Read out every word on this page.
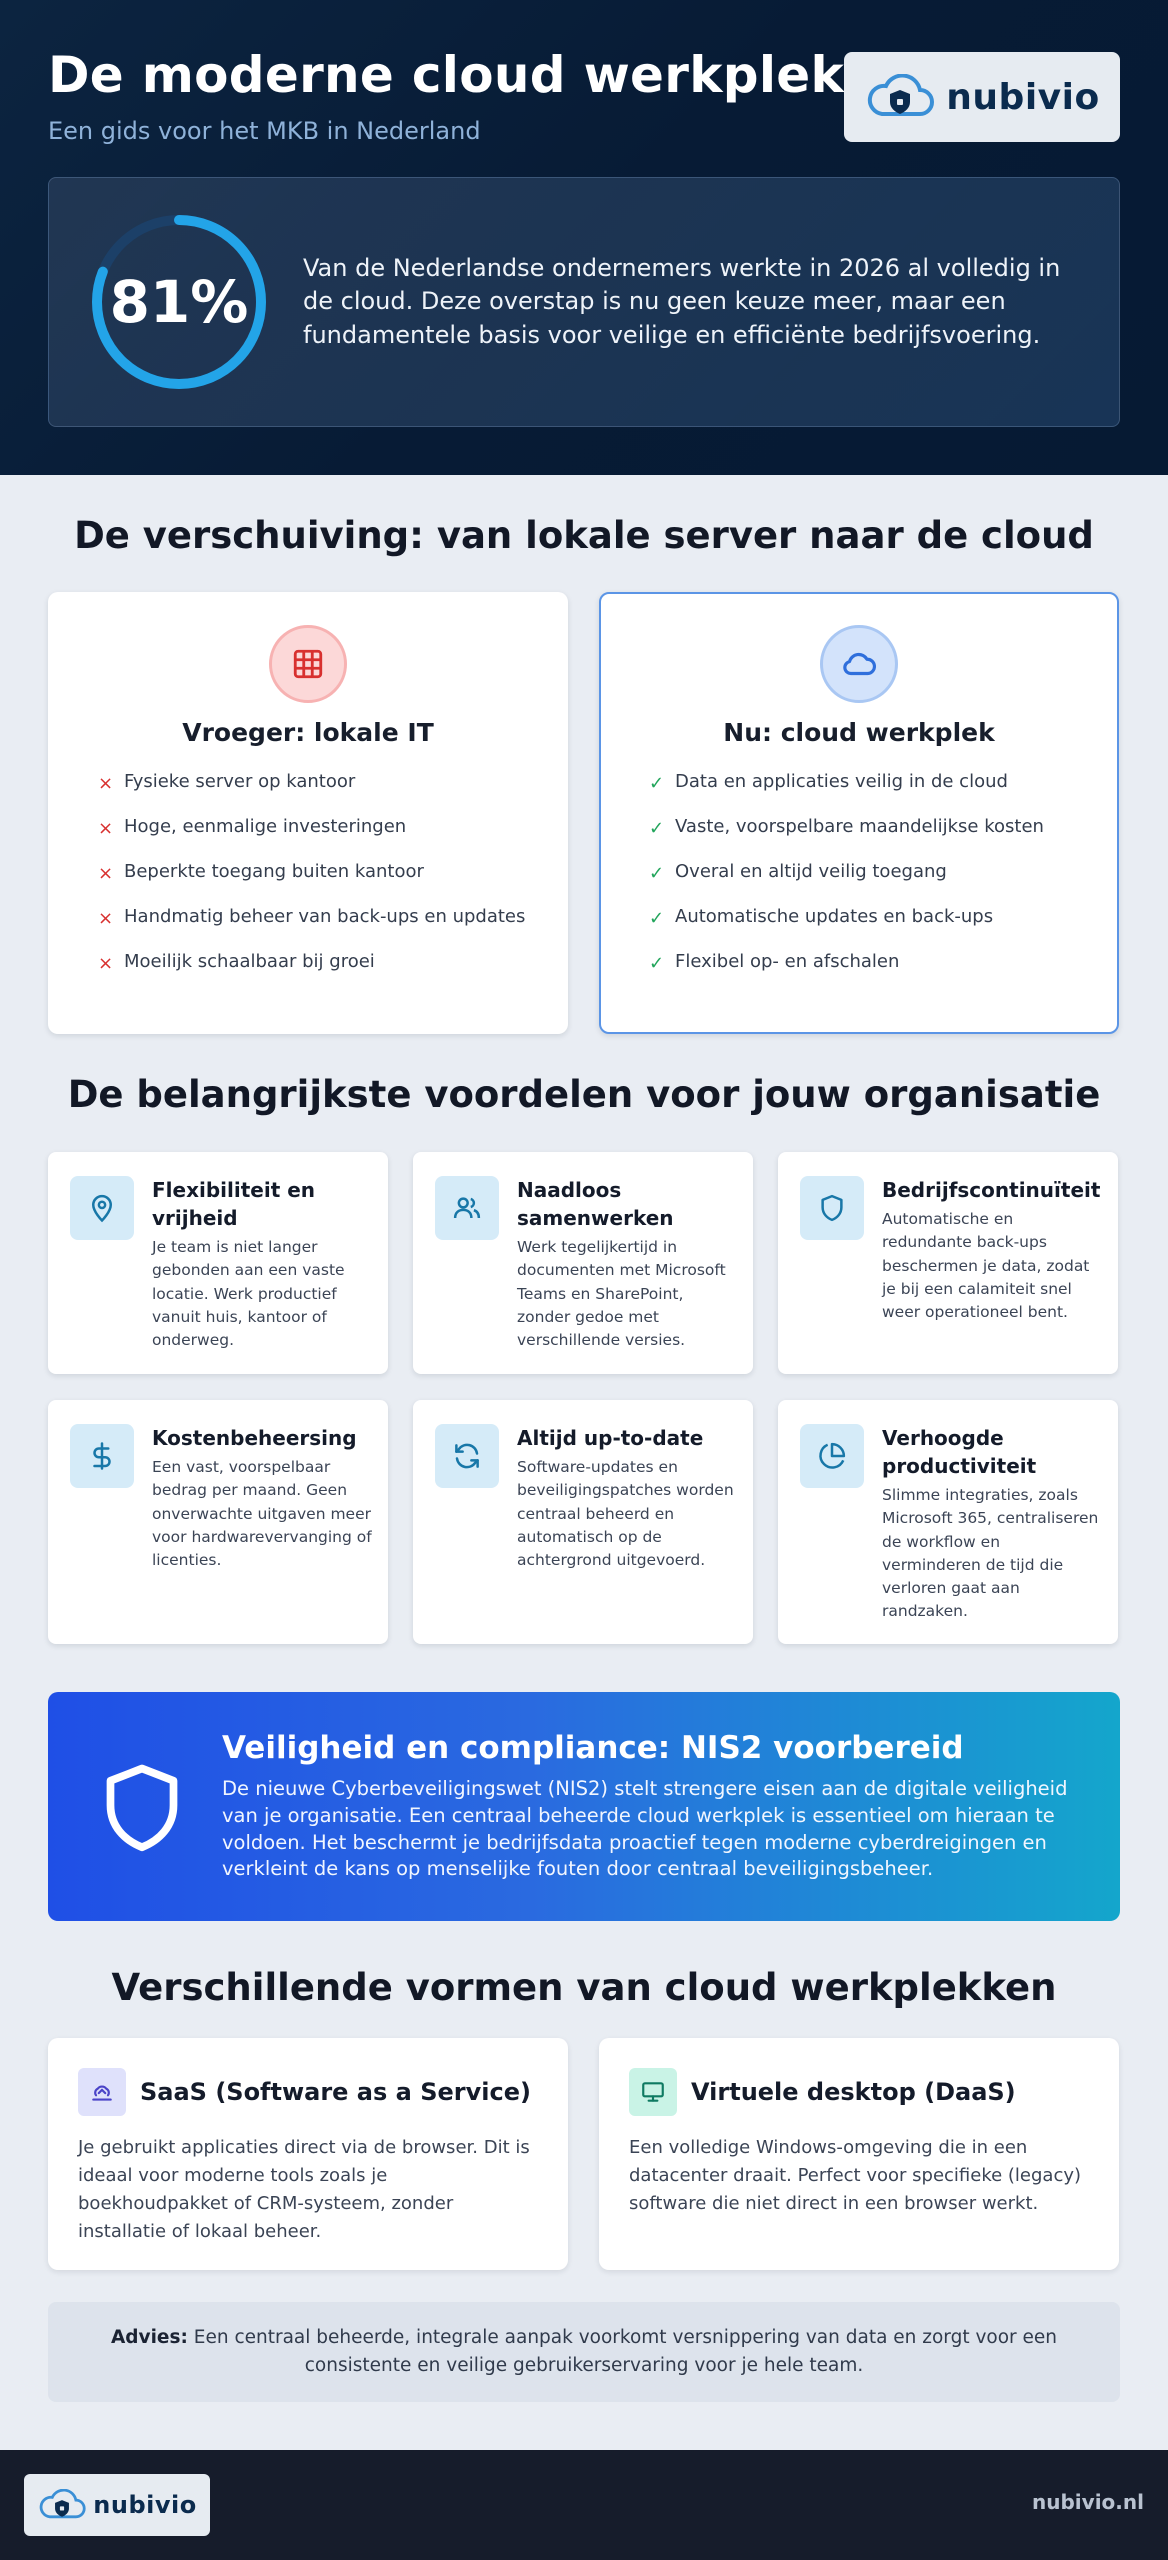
De moderne cloud werkplek
Een gids voor het MKB in Nederland
nubivio
81%	Van de Nederlandse ondernemers werkte in 2026 al volledig in de cloud. Deze overstap is nu geen keuze meer, maar een fundamentele basis voor veilige en efficiënte bedrijfsvoering.

De verschuiving: van lokale server naar de cloud
Vroeger: lokale IT
× Fysieke server op kantoor
× Hoge, eenmalige investeringen
× Beperkte toegang buiten kantoor
× Handmatig beheer van back-ups en updates
× Moeilijk schaalbaar bij groei
Nu: cloud werkplek
✓ Data en applicaties veilig in de cloud
✓ Vaste, voorspelbare maandelijkse kosten
✓ Overal en altijd veilig toegang
✓ Automatische updates en back-ups
✓ Flexibel op- en afschalen
De belangrijkste voordelen voor jouw organisatie
Flexibiliteit en vrijheid
Je team is niet langer gebonden aan een vaste locatie. Werk productief vanuit huis, kantoor of onderweg.
Naadloos samenwerken
Werk tegelijkertijd in documenten met Microsoft Teams en SharePoint, zonder gedoe met verschillende versies.
Bedrijfscontinuïteit
Automatische en redundante back-ups beschermen je data, zodat je bij een calamiteit snel weer operationeel bent.
Kostenbeheersing
Een vast, voorspelbaar bedrag per maand. Geen onverwachte uitgaven meer voor hardwarevervanging of licenties.
Altijd up-to-date
Software-updates en beveiligingspatches worden centraal beheerd en automatisch op de achtergrond uitgevoerd.
Verhoogde productiviteit
Slimme integraties, zoals Microsoft 365, centraliseren de workflow en verminderen de tijd die verloren gaat aan randzaken.
Veiligheid en compliance: NIS2 voorbereid
De nieuwe Cyberbeveiligingswet (NIS2) stelt strengere eisen aan de digitale veiligheid van je organisatie. Een centraal beheerde cloud werkplek is essentieel om hieraan te voldoen. Het beschermt je bedrijfsdata proactief tegen moderne cyberdreigingen en verkleint de kans op menselijke fouten door centraal beveiligingsbeheer.
Verschillende vormen van cloud werkplekken
SaaS (Software as a Service)
Je gebruikt applicaties direct via de browser. Dit is ideaal voor moderne tools zoals je boekhoudpakket of CRM-systeem, zonder installatie of lokaal beheer.
Virtuele desktop (DaaS)
Een volledige Windows-omgeving die in een datacenter draait. Perfect voor specifieke (legacy) software die niet direct in een browser werkt.

Advies: Een centraal beheerde, integrale aanpak voorkomt versnippering van data en zorgt voor een consistente en veilige gebruikerservaring voor je hele team.

nubivio	nubivio.nl
